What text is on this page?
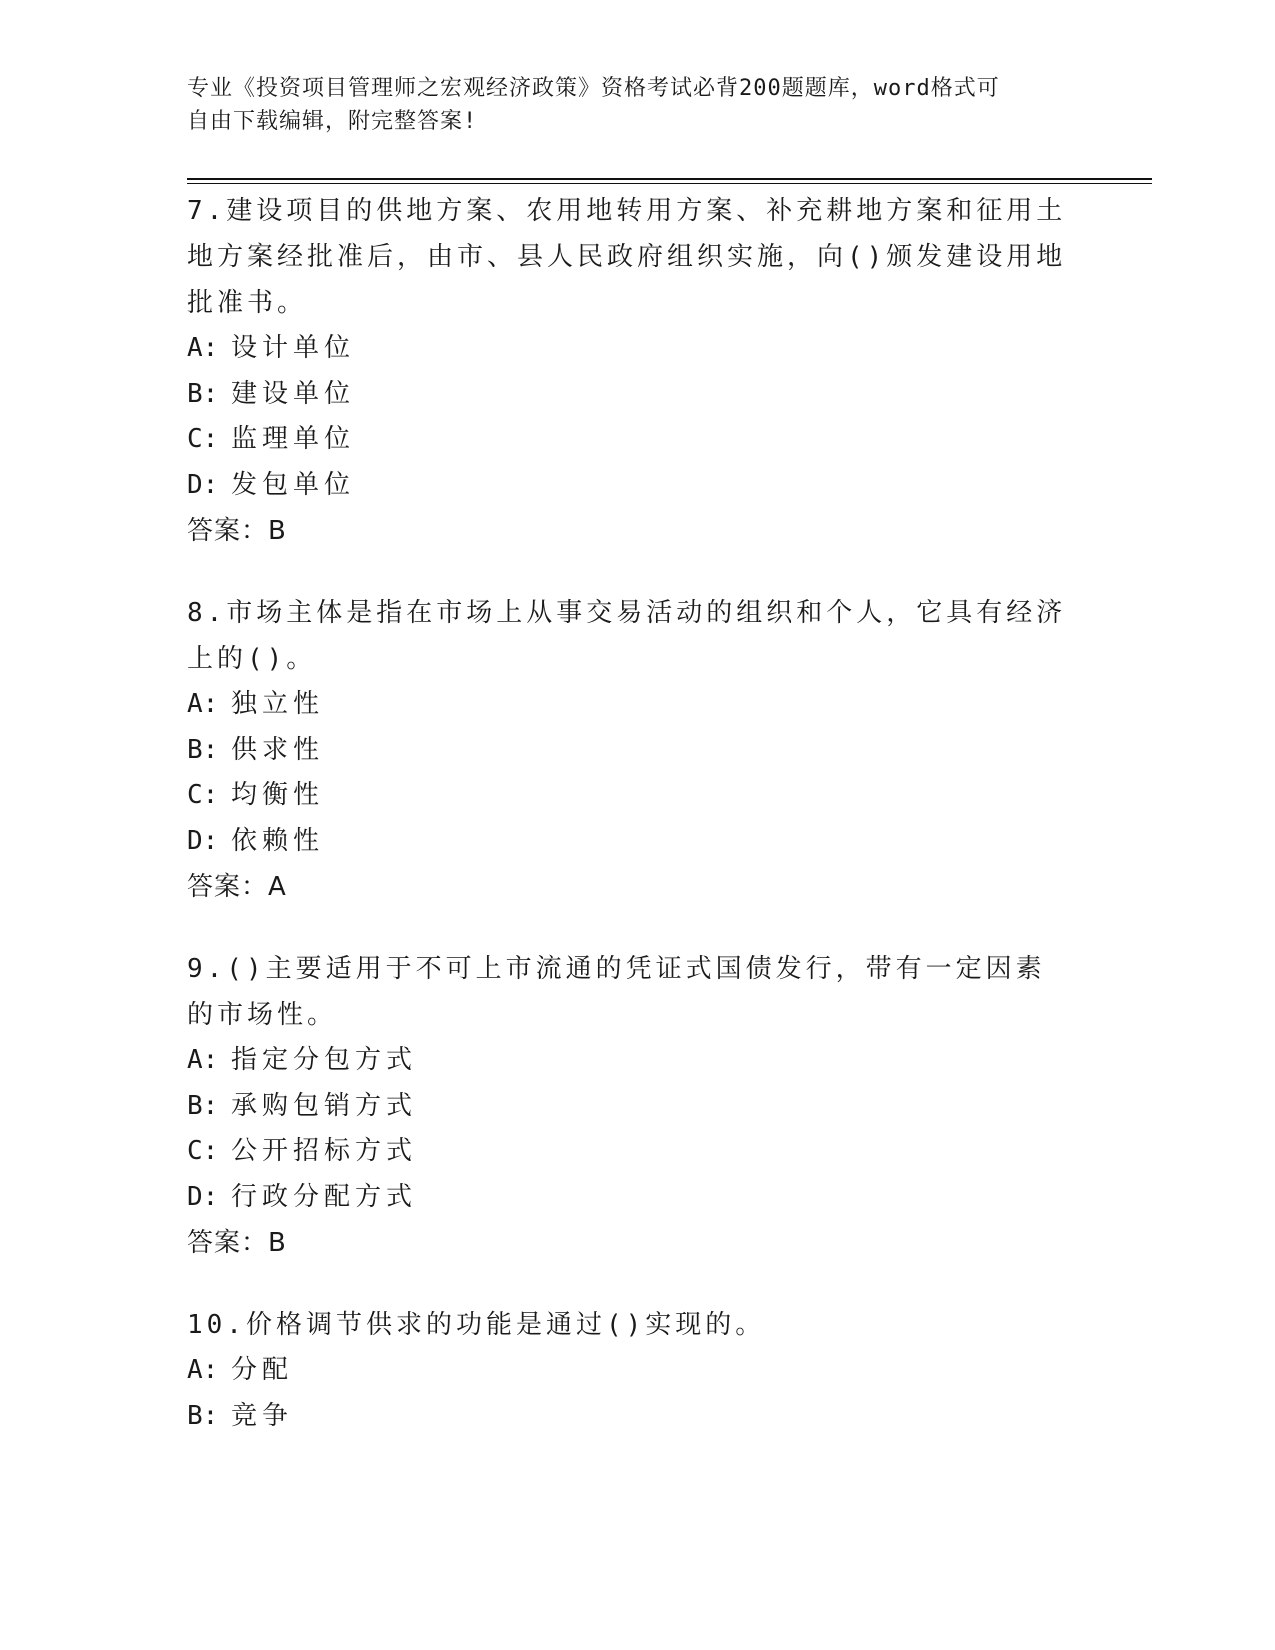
专业《投资项目管理师之宏观经济政策》资格考试必背200题题库，word格式可
自由下载编辑，附完整答案!
7.建设项目的供地方案、农用地转用方案、补充耕地方案和征用土地方案经批准后，由市、县人民政府组织实施，向()颁发建设用地批准书。
A: 设计单位
B: 建设单位
C: 监理单位
D: 发包单位
答案：B
8.市场主体是指在市场上从事交易活动的组织和个人，它具有经济上的()。
A: 独立性
B: 供求性
C: 均衡性
D: 依赖性
答案：A
9.()主要适用于不可上市流通的凭证式国债发行，带有一定因素的市场性。
A: 指定分包方式
B: 承购包销方式
C: 公开招标方式
D: 行政分配方式
答案：B
10.价格调节供求的功能是通过()实现的。
A: 分配
B: 竞争
